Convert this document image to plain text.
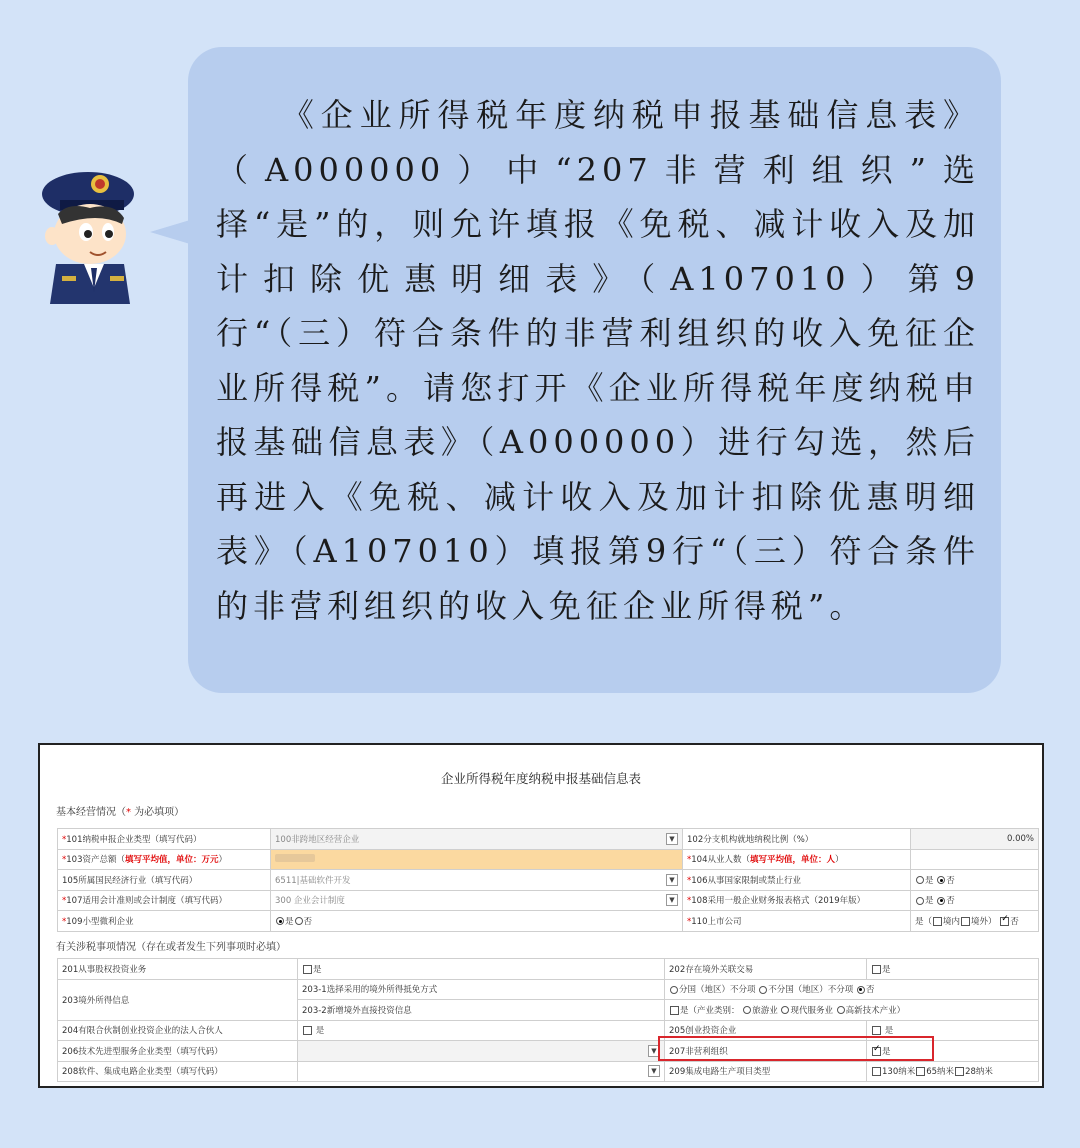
《企业所得税年度纳税申报基础信息表》（A000000）中“207非营利组织”选择“是”的，则允许填报《免税、减计收入及加计扣除优惠明细表》（A107010）第9行“（三）符合条件的非营利组织的收入免征企业所得税”。请您打开《企业所得税年度纳税申报基础信息表》（A000000）进行勾选，然后再进入《免税、减计收入及加计扣除优惠明细表》（A107010）填报第9行“（三）符合条件的非营利组织的收入免征企业所得税”。
企业所得税年度纳税申报基础信息表
基本经营情况（* 为必填项）
*101纳税申报企业类型（填写代码）	100非跨地区经营企业 ▼	102分支机构就地纳税比例（%）	0.00%
*103资产总额（填写平均值，单位：万元）		*104从业人数（填写平均值，单位：人）	
105所属国民经济行业（填写代码）	6511|基础软件开发 ▼	*106从事国家限制或禁止行业	是 否
*107适用会计准则或会计制度（填写代码）	300 企业会计制度 ▼	*108采用一般企业财务报表格式（2019年版）	是 否
*109小型微利企业	是 否	*110上市公司	是（ 境内 境外） ✓ 否
有关涉税事项情况（存在或者发生下列事项时必填）
201从事股权投资业务	是	202存在境外关联交易	是
203境外所得信息	203-1选择采用的境外所得抵免方式	分国（地区）不分项 不分国（地区）不分项 否	
	203-2新增境外直接投资信息	是（产业类别： 旅游业 现代服务业 高新技术产业）	
204有限合伙制创业投资企业的法人合伙人	是	205创业投资企业	是
206技术先进型服务企业类型（填写代码）	▼	207非营利组织	✓是
208软件、集成电路企业类型（填写代码）	▼	209集成电路生产项目类型	130纳米 65纳米 28纳米
